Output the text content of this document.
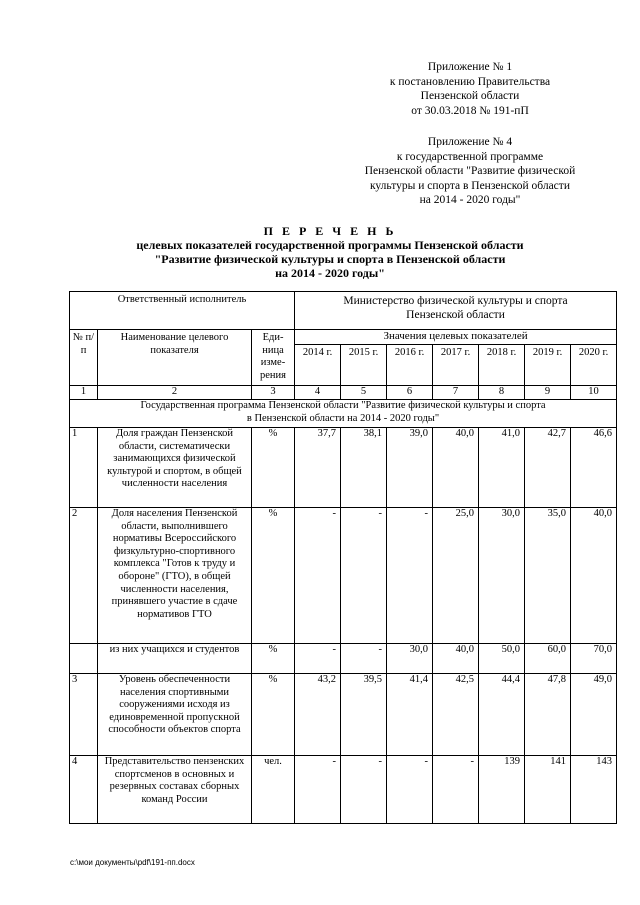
Приложение № 1
к постановлению Правительства
Пензенской области
от 30.03.2018 № 191-пП
Приложение № 4
к государственной программе
Пензенской области "Развитие физической
культуры и спорта в Пензенской области
на 2014 - 2020 годы"
П Е Р Е Ч Е Н Ь
целевых показателей государственной программы Пензенской области
"Развитие физической культуры и спорта в Пензенской области
на 2014 - 2020 годы"
Ответственный исполнитель			Министерство физической культуры и спорта
Пензенской области						

№ п/п	Наименование целевого показателя	Еди-ница изме-рения	Значения целевых показателей						
			2014 г.	2015 г.	2016 г.	2017 г.	2018 г.	2019 г.	2020 г.
1	2	3	4	5	6	7	8	9	10

Государственная программа Пензенской области "Развитие физической культуры и спорта
в Пензенской области на 2014 - 2020 годы"									

1	Доля граждан Пензенской области, систематически занимающихся физической культурой и спортом, в общей численности населения	%	37,7	38,1	39,0	40,0	41,0	42,7	46,6
2	Доля населения Пензенской области, выполнившего нормативы Всероссийского физкультурно-спортивного комплекса "Готов к труду и обороне" (ГТО), в общей численности населения, принявшего участие в сдаче нормативов ГТО	%	-	-	-	25,0	30,0	35,0	40,0
	из них учащихся и студентов	%	-	-	30,0	40,0	50,0	60,0	70,0
3	Уровень обеспеченности населения спортивными сооружениями исходя из единовременной пропускной способности объектов спорта	%	43,2	39,5	41,4	42,5	44,4	47,8	49,0
4	Представительство пензенских спортсменов в основных и резервных составах сборных команд России	чел.	-	-	-	-	139	141	143
c:\мои документы\pdf\191-пп.docx
